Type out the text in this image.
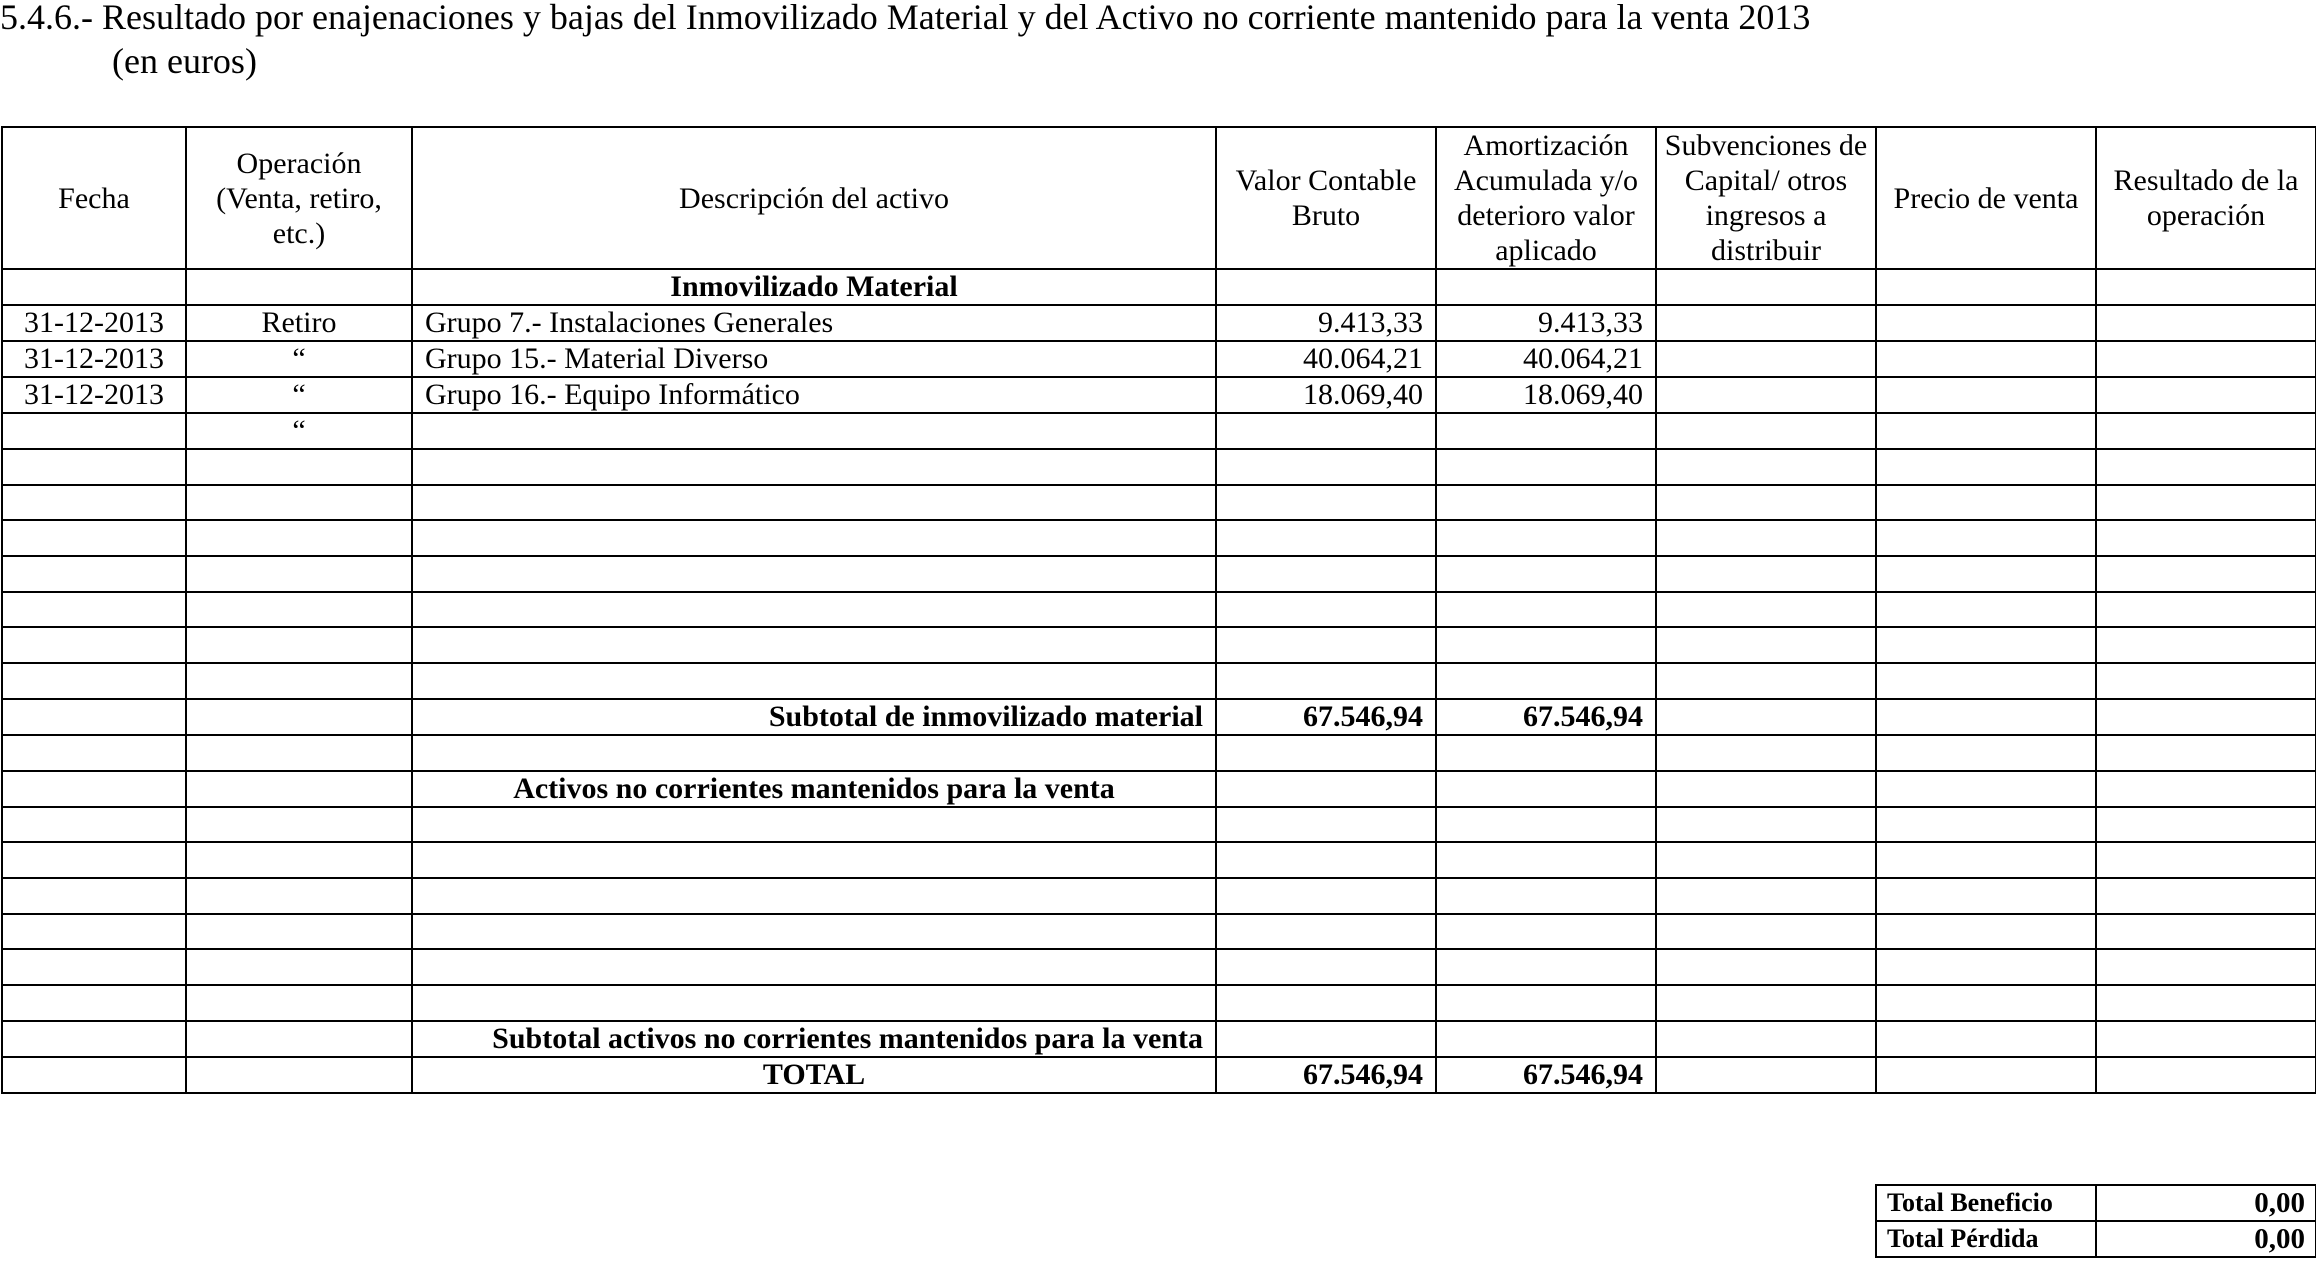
5.4.6.- Resultado por enajenaciones y bajas del Inmovilizado Material y del Activo no corriente mantenido para la venta 2013
(en euros)
Fecha	Operación (Venta, retiro, etc.)	Descripción del activo	Valor Contable Bruto	Amortización Acumulada y/o deterioro valor aplicado	Subvenciones de Capital/ otros ingresos a distribuir	Precio de venta	Resultado de la operación
		Inmovilizado Material					
31-12-2013	Retiro	Grupo 7.- Instalaciones Generales	9.413,33	9.413,33			
31-12-2013	“	Grupo 15.- Material Diverso	40.064,21	40.064,21			
31-12-2013	“	Grupo 16.- Equipo Informático	18.069,40	18.069,40			
	“						

		Subtotal de inmovilizado material	67.546,94	67.546,94			

		Activos no corrientes mantenidos para la venta					

		Subtotal activos no corrientes mantenidos para la venta					
		TOTAL	67.546,94	67.546,94			
Total Beneficio	0,00
Total Pérdida	0,00
